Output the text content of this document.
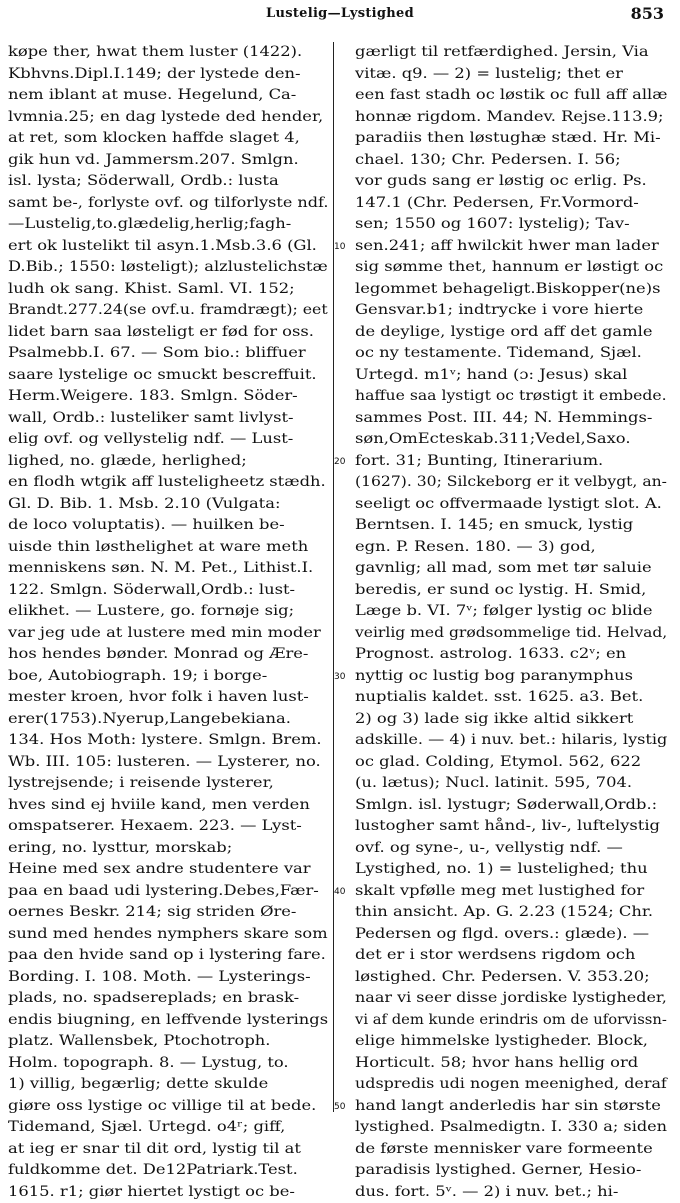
Lustelig—Lystighed	853
køpe ther, hwat them luster (1422).
Kbhvns.Dipl.I.149; der lystede den-
nem iblant at muse. Hegelund, Ca-
lvmnia.25; en dag lystede ded hender,
at ret, som klocken haffde slaget 4,
gik hun vd. Jammersm.207. Smlgn.
isl. lysta; Söderwall, Ordb.: lusta
samt be-, forlyste ovf. og tilforlyste ndf.
—Lustelig,to.glædelig,herlig;fagh-
ert ok lustelikt til asyn.1.Msb.3.6 (Gl.
D.Bib.; 1550: løsteligt); alzlustelichstæ
ludh ok sang. Khist. Saml. VI. 152;
Brandt.277.24(se ovf.u. framdrægt); eet
lidet barn saa løsteligt er fød for oss.
Psalmebb.I. 67. — Som bio.: bliffuer
saare lystelige oc smuckt bescreffuit.
Herm.Weigere. 183. Smlgn. Söder-
wall, Ordb.: lusteliker samt livlyst-
elig ovf. og vellystelig ndf. — Lust-
lighed, no. glæde, herlighed;
en flodh wtgik aff lusteligheetz stædh.
Gl. D. Bib. 1. Msb. 2.10 (Vulgata:
de loco voluptatis). — huilken be-
uisde thin løsthelighet at ware meth
menniskens søn. N. M. Pet., Lithist.I.
122. Smlgn. Söderwall,Ordb.: lust-
elikhet. — Lustere, go. fornøje sig;
var jeg ude at lustere med min moder
hos hendes bønder. Monrad og Ære-
boe, Autobiograph. 19; i borge-
mester kroen, hvor folk i haven lust-
erer(1753).Nyerup,Langebekiana.
134. Hos Moth: lystere. Smlgn. Brem.
Wb. III. 105: lusteren. — Lysterer, no.
lystrejsende; i reisende lysterer,
hves sind ej hviile kand, men verden
omspatserer. Hexaem. 223. — Lyst-
ering, no. lysttur, morskab;
Heine med sex andre studentere var
paa en baad udi lystering.Debes,Fær-
oernes Beskr. 214; sig striden Øre-
sund med hendes nymphers skare som
paa den hvide sand op i lystering fare.
Bording. I. 108. Moth. — Lysterings-
plads, no. spadsereplads; en brask-
endis biugning, en leffvende lysterings
platz. Wallensbek, Ptochotroph.
Holm. topograph. 8. — Lystug, to.
1) villig, begærlig; dette skulde
giøre oss lystige oc villige til at bede.
Tidemand, Sjæl. Urtegd. o4ʳ; giff,
at ieg er snar til dit ord, lystig til at
fuldkomme det. De12Patriark.Test.
1615. r1; giør hiertet lystigt oc be-
10
20
30
40
50
gærligt til retfærdighed. Jersin, Via
vitæ. q9. — 2) = lustelig; thet er
een fast stadh oc løstik oc full aff allæ
honnæ rigdom. Mandev. Rejse.113.9;
paradiis then løstughæ stæd. Hr. Mi-
chael. 130; Chr. Pedersen. I. 56;
vor guds sang er løstig oc erlig. Ps.
147.1 (Chr. Pedersen, Fr.Vormord-
sen; 1550 og 1607: lystelig); Tav-
sen.241; aff hwilckit hwer man lader
sig sømme thet, hannum er løstigt oc
legommet behageligt.Biskopper(ne)s
Gensvar.b1; indtrycke i vore hierte
de deylige, lystige ord aff det gamle
oc ny testamente. Tidemand, Sjæl.
Urtegd. m1ᵛ; hand (ɔ: Jesus) skal
haffue saa lystigt oc trøstigt it embede.
sammes Post. III. 44; N. Hemmings-
søn,OmEcteskab.311;Vedel,Saxo.
fort. 31; Bunting, Itinerarium.
(1627). 30; Silckeborg er it velbygt, an-
seeligt oc offvermaade lystigt slot. A.
Berntsen. I. 145; en smuck, lystig
egn. P. Resen. 180. — 3) god,
gavnlig; all mad, som met tør saluie
beredis, er sund oc lystig. H. Smid,
Læge b. VI. 7ᵛ; følger lystig oc blide
veirlig med grødsommelige tid. Helvad,
Prognost. astrolog. 1633. c2ᵛ; en
nyttig oc lustig bog paranymphus
nuptialis kaldet. sst. 1625. a3. Bet.
2) og 3) lade sig ikke altid sikkert
adskille. — 4) i nuv. bet.: hilaris, lystig
oc glad. Colding, Etymol. 562, 622
(u. lætus); Nucl. latinit. 595, 704.
Smlgn. isl. lystugr; Søderwall,Ordb.:
lustogher samt hånd-, liv-, luftelystig
ovf. og syne-, u-, vellystig ndf. —
Lystighed, no. 1) = lustelighed; thu
skalt vpfølle meg met lustighed for
thin ansicht. Ap. G. 2.23 (1524; Chr.
Pedersen og flgd. overs.: glæde). —
det er i stor werdsens rigdom och
løstighed. Chr. Pedersen. V. 353.20;
naar vi seer disse jordiske lystigheder,
vi af dem kunde erindris om de uforvissn-
elige himmelske lystigheder. Block,
Horticult. 58; hvor hans hellig ord
udspredis udi nogen meenighed, deraf
hand langt anderledis har sin største
lystighed. Psalmedigtn. I. 330 a; siden
de første mennisker vare formeente
paradisis lystighed. Gerner, Hesio-
dus. fort. 5ᵛ. — 2) i nuv. bet.; hi-
